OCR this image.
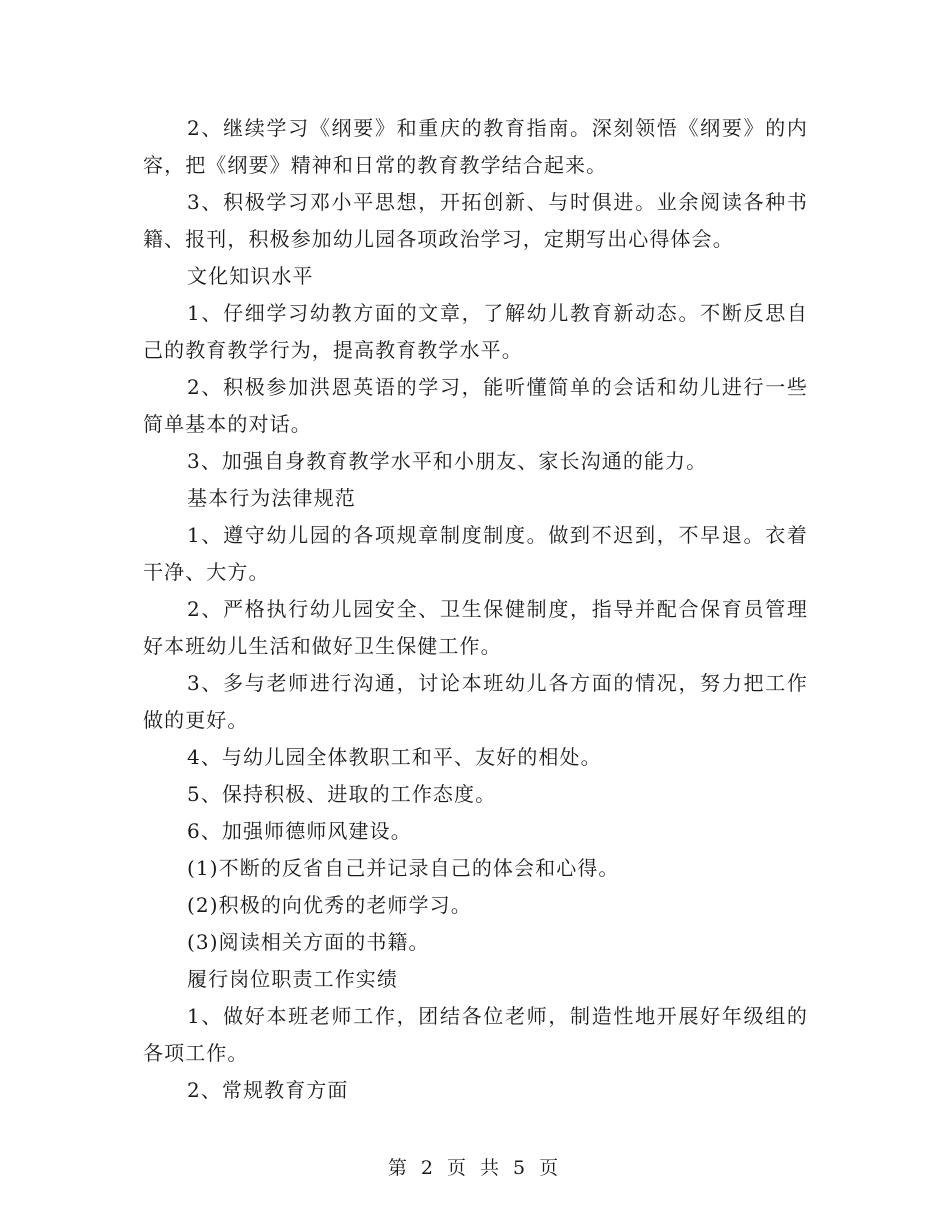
2、继续学习《纲要》和重庆的教育指南。深刻领悟《纲要》的内容，把《纲要》精神和日常的教育教学结合起来。

3、积极学习邓小平思想，开拓创新、与时俱进。业余阅读各种书籍、报刊，积极参加幼儿园各项政治学习，定期写出心得体会。

文化知识水平

1、仔细学习幼教方面的文章，了解幼儿教育新动态。不断反思自己的教育教学行为，提高教育教学水平。

2、积极参加洪恩英语的学习，能听懂简单的会话和幼儿进行一些简单基本的对话。

3、加强自身教育教学水平和小朋友、家长沟通的能力。

基本行为法律规范

1、遵守幼儿园的各项规章制度制度。做到不迟到，不早退。衣着干净、大方。

2、严格执行幼儿园安全、卫生保健制度，指导并配合保育员管理好本班幼儿生活和做好卫生保健工作。

3、多与老师进行沟通，讨论本班幼儿各方面的情况，努力把工作做的更好。

4、与幼儿园全体教职工和平、友好的相处。

5、保持积极、进取的工作态度。

6、加强师德师风建设。

(1)不断的反省自己并记录自己的体会和心得。

(2)积极的向优秀的老师学习。

(3)阅读相关方面的书籍。

履行岗位职责工作实绩

1、做好本班老师工作，团结各位老师，制造性地开展好年级组的各项工作。

2、常规教育方面

第 2 页 共 5 页
